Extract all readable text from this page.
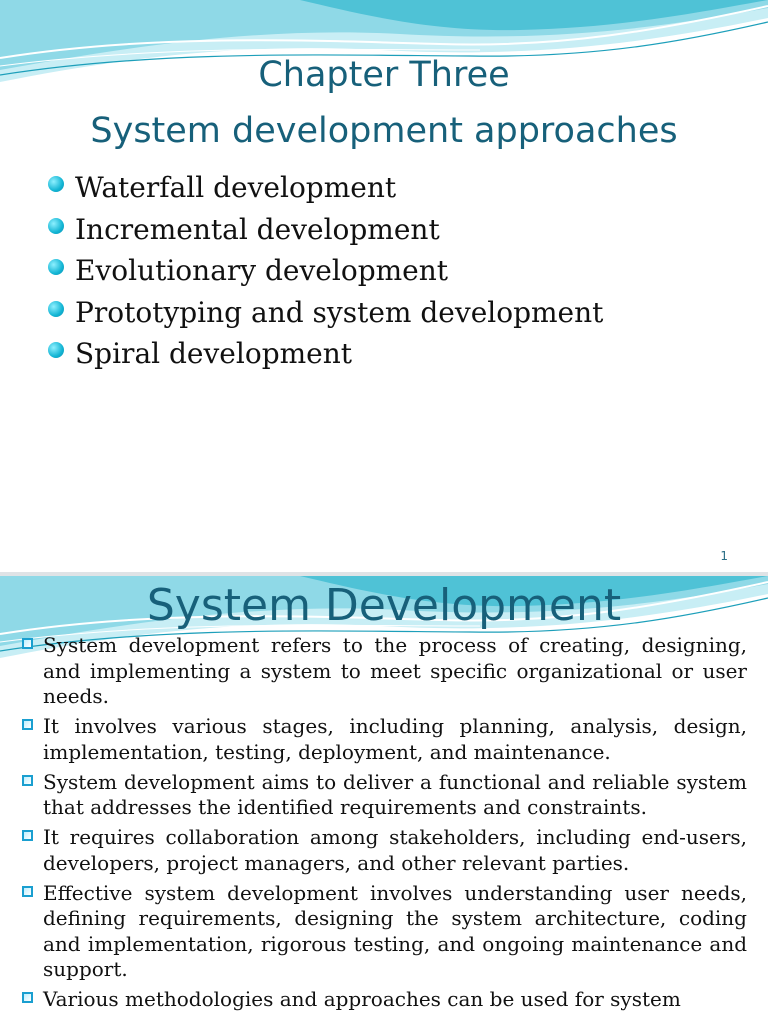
Chapter Three
System development approaches
Waterfall development
Incremental development
Evolutionary development
Prototyping and system development
Spiral development
1
System Development
System development refers to the process of creating, designing, and implementing a system to meet specific organizational or user needs.
It involves various stages, including planning, analysis, design, implementation, testing, deployment, and maintenance.
System development aims to deliver a functional and reliable system that addresses the identified requirements and constraints.
It requires collaboration among stakeholders, including end-users, developers, project managers, and other relevant parties.
Effective system development involves understanding user needs, defining requirements, designing the system architecture, coding and implementation, rigorous testing, and ongoing maintenance and support.
Various methodologies and approaches can be used for system
